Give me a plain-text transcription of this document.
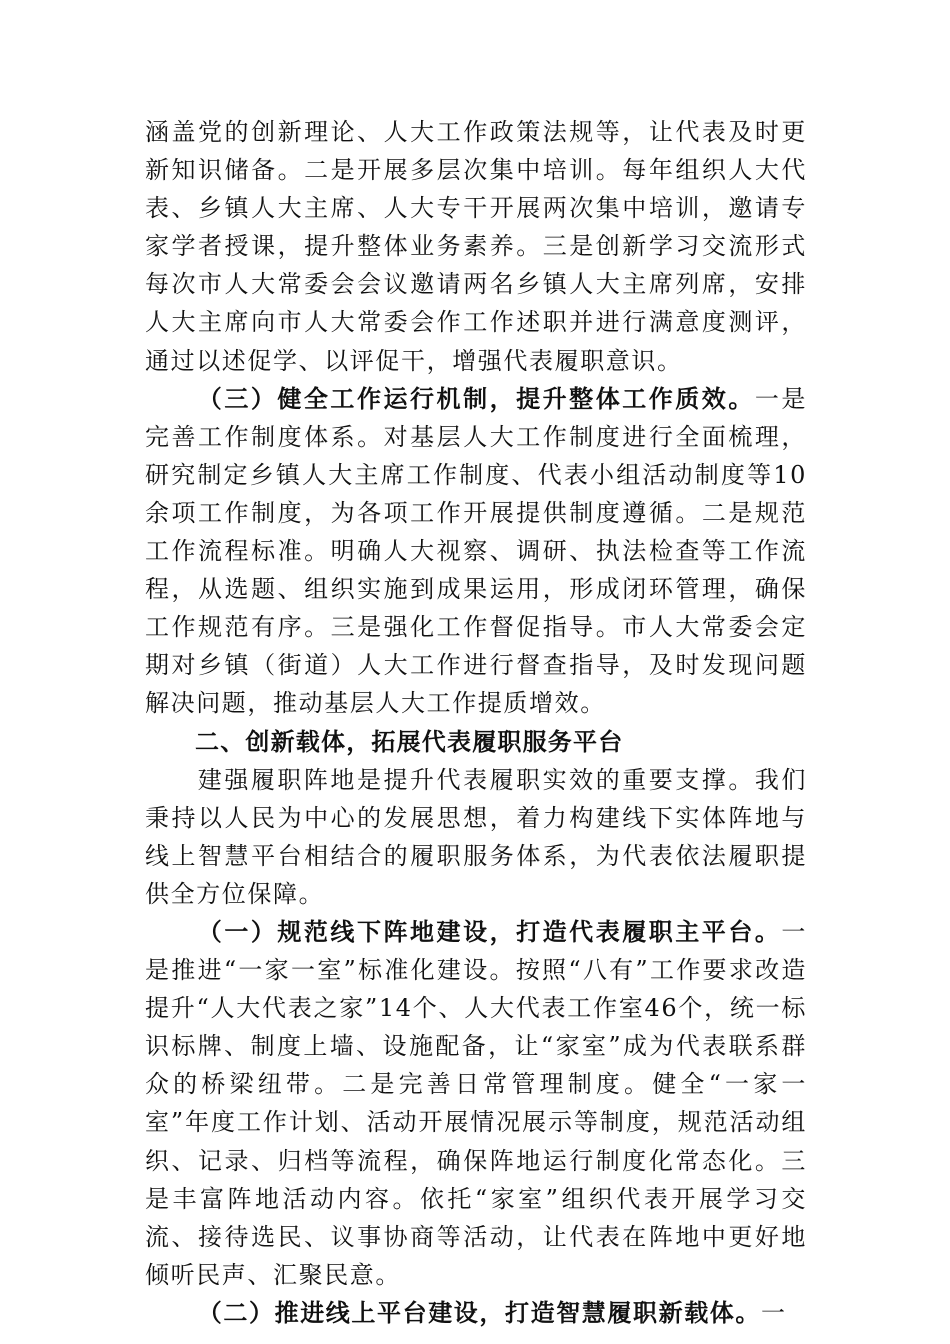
涵盖党的创新理论、人大工作政策法规等，让代表及时更新知识储备。二是开展多层次集中培训。每年组织人大代表、乡镇人大主席、人大专干开展两次集中培训，邀请专家学者授课，提升整体业务素养。三是创新学习交流形式每次市人大常委会会议邀请两名乡镇人大主席列席，安排人大主席向市人大常委会作工作述职并进行满意度测评，通过以述促学、以评促干，增强代表履职意识。

（三）健全工作运行机制，提升整体工作质效。一是完善工作制度体系。对基层人大工作制度进行全面梳理，研究制定乡镇人大主席工作制度、代表小组活动制度等10余项工作制度，为各项工作开展提供制度遵循。二是规范工作流程标准。明确人大视察、调研、执法检查等工作流程，从选题、组织实施到成果运用，形成闭环管理，确保工作规范有序。三是强化工作督促指导。市人大常委会定期对乡镇（街道）人大工作进行督查指导，及时发现问题解决问题，推动基层人大工作提质增效。

二、创新载体，拓展代表履职服务平台

建强履职阵地是提升代表履职实效的重要支撑。我们秉持以人民为中心的发展思想，着力构建线下实体阵地与线上智慧平台相结合的履职服务体系，为代表依法履职提供全方位保障。

（一）规范线下阵地建设，打造代表履职主平台。一是推进“一家一室”标准化建设。按照“八有”工作要求改造提升“人大代表之家”14个、人大代表工作室46个，统一标识标牌、制度上墙、设施配备，让“家室”成为代表联系群众的桥梁纽带。二是完善日常管理制度。健全“一家一室”年度工作计划、活动开展情况展示等制度，规范活动组织、记录、归档等流程，确保阵地运行制度化常态化。三是丰富阵地活动内容。依托“家室”组织代表开展学习交流、接待选民、议事协商等活动，让代表在阵地中更好地倾听民声、汇聚民意。

（二）推进线上平台建设，打造智慧履职新载体。一
